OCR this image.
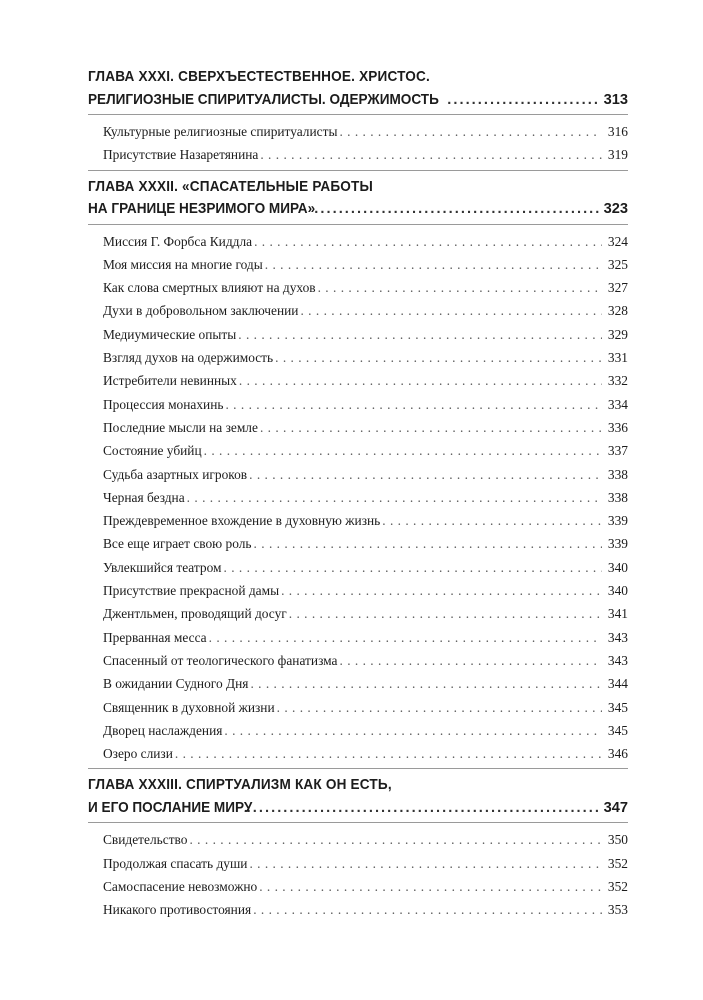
ГЛАВА XXXI. СВЕРХЪЕСТЕСТВЕННОЕ. ХРИСТОС.
РЕЛИГИОЗНЫЕ СПИРИТУАЛИСТЫ. ОДЕРЖИМОСТЬ . . .	313
Культурные религиозные спиритуалисты . . .	316
Присутствие Назаретянина . . .	319
ГЛАВА XXXII. «СПАСАТЕЛЬНЫЕ РАБОТЫ
НА ГРАНИЦЕ НЕЗРИМОГО МИРА» . . .	323
Миссия Г. Форбса Киддла . . .	324
Моя миссия на многие годы . . .	325
Как слова смертных влияют на духов . . .	327
Духи в добровольном заключении . . .	328
Медиумические опыты . . .	329
Взгляд духов на одержимость . . .	331
Истребители невинных . . .	332
Процессия монахинь . . .	334
Последние мысли на земле . . .	336
Состояние убийц . . .	337
Судьба азартных игроков . . .	338
Черная бездна . . .	338
Преждевременное вхождение в духовную жизнь . . .	339
Все еще играет свою роль . . .	339
Увлекшийся театром . . .	340
Присутствие прекрасной дамы . . .	340
Джентльмен, проводящий досуг . . .	341
Прерванная месса . . .	343
Спасенный от теологического фанатизма . . .	343
В ожидании Судного Дня . . .	344
Священник в духовной жизни . . .	345
Дворец наслаждения . . .	345
Озеро слизи . . .	346
ГЛАВА XXXIII. СПИРТУАЛИЗМ КАК ОН ЕСТЬ,
И ЕГО ПОСЛАНИЕ МИРУ . . .	347
Свидетельство . . .	350
Продолжая спасать души . . .	352
Самоспасение невозможно . . .	352
Никакого противостояния . . .	353
